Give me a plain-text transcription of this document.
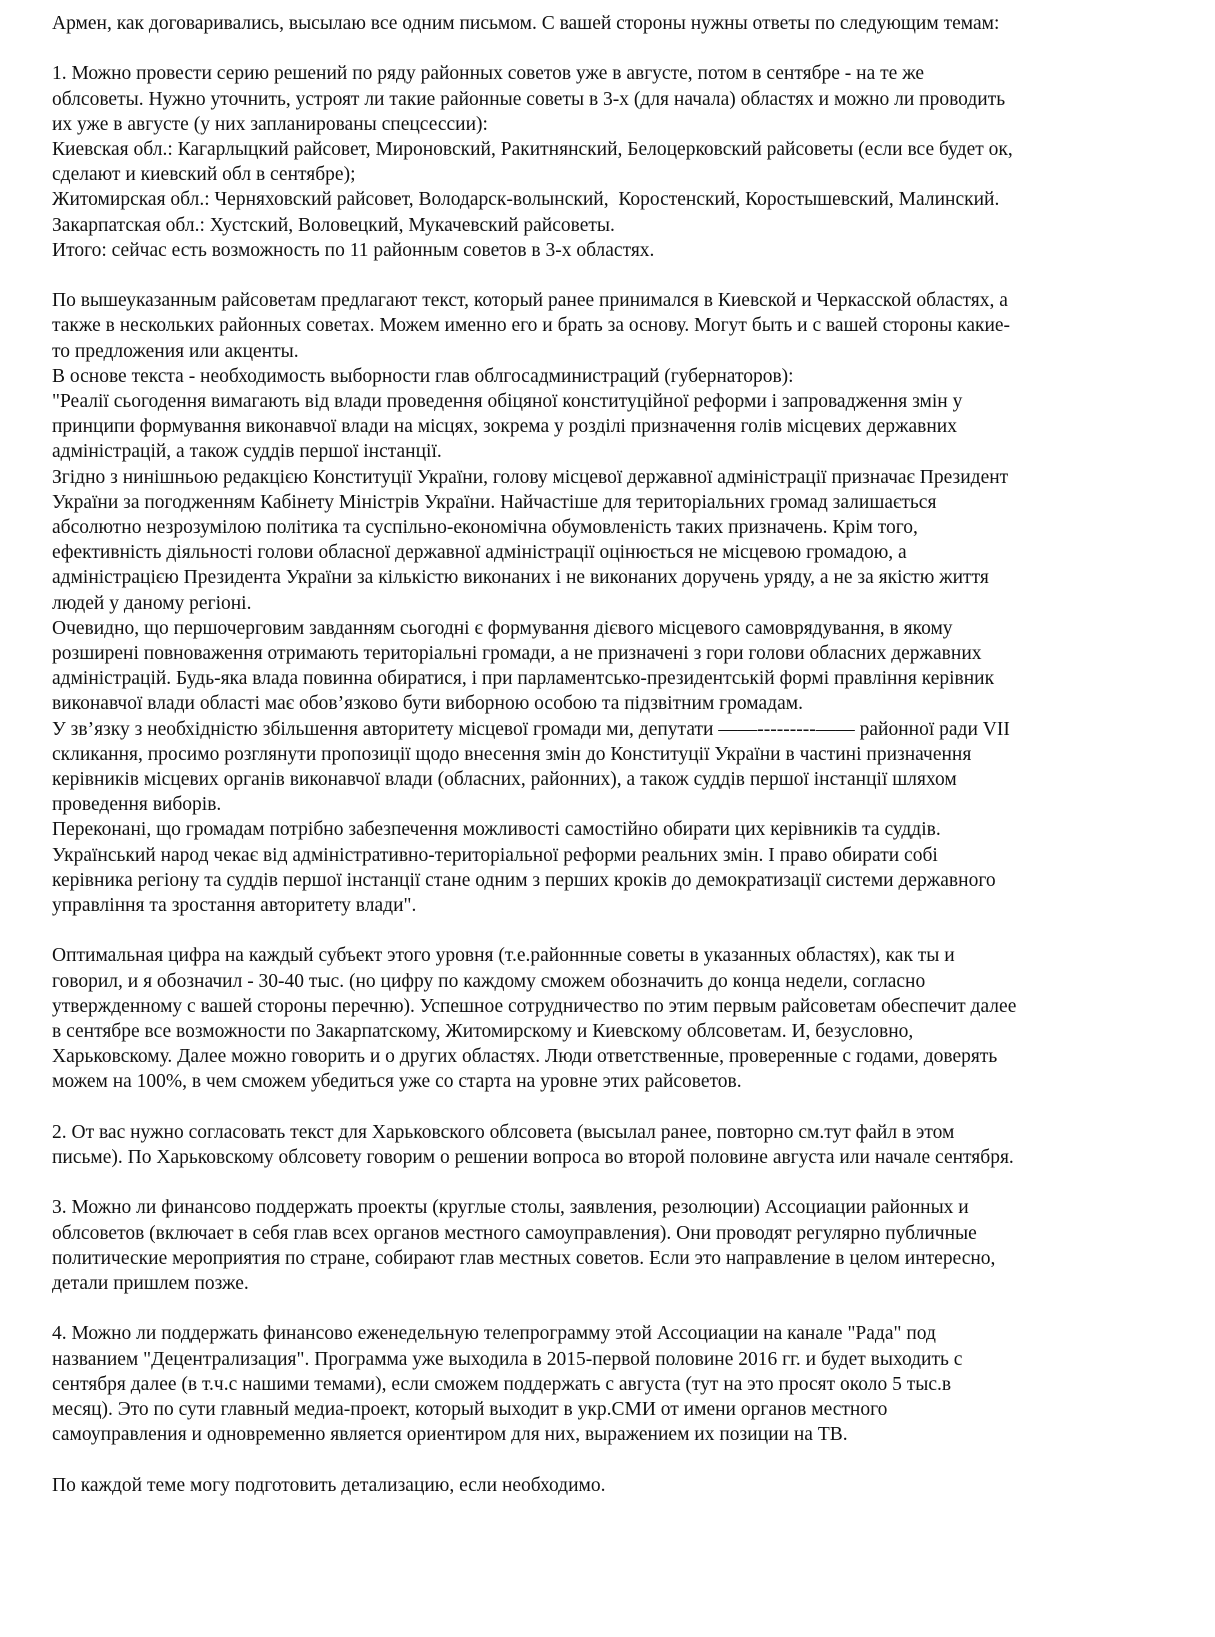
Армен, как договаривались, высылаю все одним письмом. С вашей стороны нужны ответы по следующим темам:
1. Можно провести серию решений по ряду районных советов уже в августе, потом в сентябре - на те же
облсоветы. Нужно уточнить, устроят ли такие районные советы в 3-х (для начала) областях и можно ли проводить
их уже в августе (у них запланированы спецсессии):
Киевская обл.: Кагарлыцкий райсовет, Мироновский, Ракитнянский, Белоцерковский райсоветы (если все будет ок,
сделают и киевский обл в сентябре);
Житомирская обл.: Черняховский райсовет, Володарск-волынский,  Коростенский, Коростышевский, Малинский.
Закарпатская обл.: Хустский, Воловецкий, Мукачевский райсоветы.
Итого: сейчас есть возможность по 11 районным советов в 3-х областях.
По вышеуказанным райсоветам предлагают текст, который ранее принимался в Киевской и Черкасской областях, а
также в нескольких районных советах. Можем именно его и брать за основу. Могут быть и с вашей стороны какие-
то предложения или акценты.
В основе текста - необходимость выборности глав облгосадминистраций (губернаторов):
"Реалії сьогодення вимагають від влади проведення обіцяної конституційної реформи і запровадження змін у
принципи формування виконавчої влади на місцях, зокрема у розділі призначення голів місцевих державних
адміністрацій, а також суддів першої інстанції.
Згідно з нинішньою редакцією Конституції України, голову місцевої державної адміністрації призначає Президент
України за погодженням Кабінету Міністрів України. Найчастіше для територіальних громад залишається
абсолютно незрозумілою політика та суспільно-економічна обумовленість таких призначень. Крім того,
ефективність діяльності голови обласної державної адміністрації оцінюється не місцевою громадою, а
адміністрацією Президента України за кількістю виконаних і не виконаних доручень уряду, а не за якістю життя
людей у даному регіоні.
Очевидно, що першочерговим завданням сьогодні є формування дієвого місцевого самоврядування, в якому
розширені повноваження отримають територіальні громади, а не призначені з гори голови обласних державних
адміністрацій. Будь-яка влада повинна обиратися, і при парламентсько-президентській формі правління керівник
виконавчої влади області має обов’язково бути виборною особою та підзвітним громадам.
У зв’язку з необхідністю збільшення авторитету місцевої громади ми, депутати ——---------—— районної ради VII
скликання, просимо розглянути пропозиції щодо внесення змін до Конституції України в частині призначення
керівників місцевих органів виконавчої влади (обласних, районних), а також суддів першої інстанції шляхом
проведення виборів.
Переконані, що громадам потрібно забезпечення можливості самостійно обирати цих керівників та суддів.
Український народ чекає від адміністративно-територіальної реформи реальних змін. І право обирати собі
керівника регіону та суддів першої інстанції стане одним з перших кроків до демократизації системи державного
управління та зростання авторитету влади".
Оптимальная цифра на каждый субъект этого уровня (т.е.районнные советы в указанных областях), как ты и
говорил, и я обозначил - 30-40 тыс. (но цифру по каждому сможем обозначить до конца недели, согласно
утвержденному с вашей стороны перечню). Успешное сотрудничество по этим первым райсоветам обеспечит далее
в сентябре все возможности по Закарпатскому, Житомирскому и Киевскому облсоветам. И, безусловно,
Харьковскому. Далее можно говорить и о других областях. Люди ответственные, проверенные с годами, доверять
можем на 100%, в чем сможем убедиться уже со старта на уровне этих райсоветов.
2. От вас нужно согласовать текст для Харьковского облсовета (высылал ранее, повторно см.тут файл в этом
письме). По Харьковскому облсовету говорим о решении вопроса во второй половине августа или начале сентября.
3. Можно ли финансово поддержать проекты (круглые столы, заявления, резолюции) Ассоциации районных и
облсоветов (включает в себя глав всех органов местного самоуправления). Они проводят регулярно публичные
политические мероприятия по стране, собирают глав местных советов. Если это направление в целом интересно,
детали пришлем позже.
4. Можно ли поддержать финансово еженедельную телепрограмму этой Ассоциации на канале "Рада" под
названием "Децентрализация". Программа уже выходила в 2015-первой половине 2016 гг. и будет выходить с
сентября далее (в т.ч.с нашими темами), если сможем поддержать с августа (тут на это просят около 5 тыс.в
месяц). Это по сути главный медиа-проект, который выходит в укр.СМИ от имени органов местного
самоуправления и одновременно является ориентиром для них, выражением их позиции на ТВ.
По каждой теме могу подготовить детализацию, если необходимо.
